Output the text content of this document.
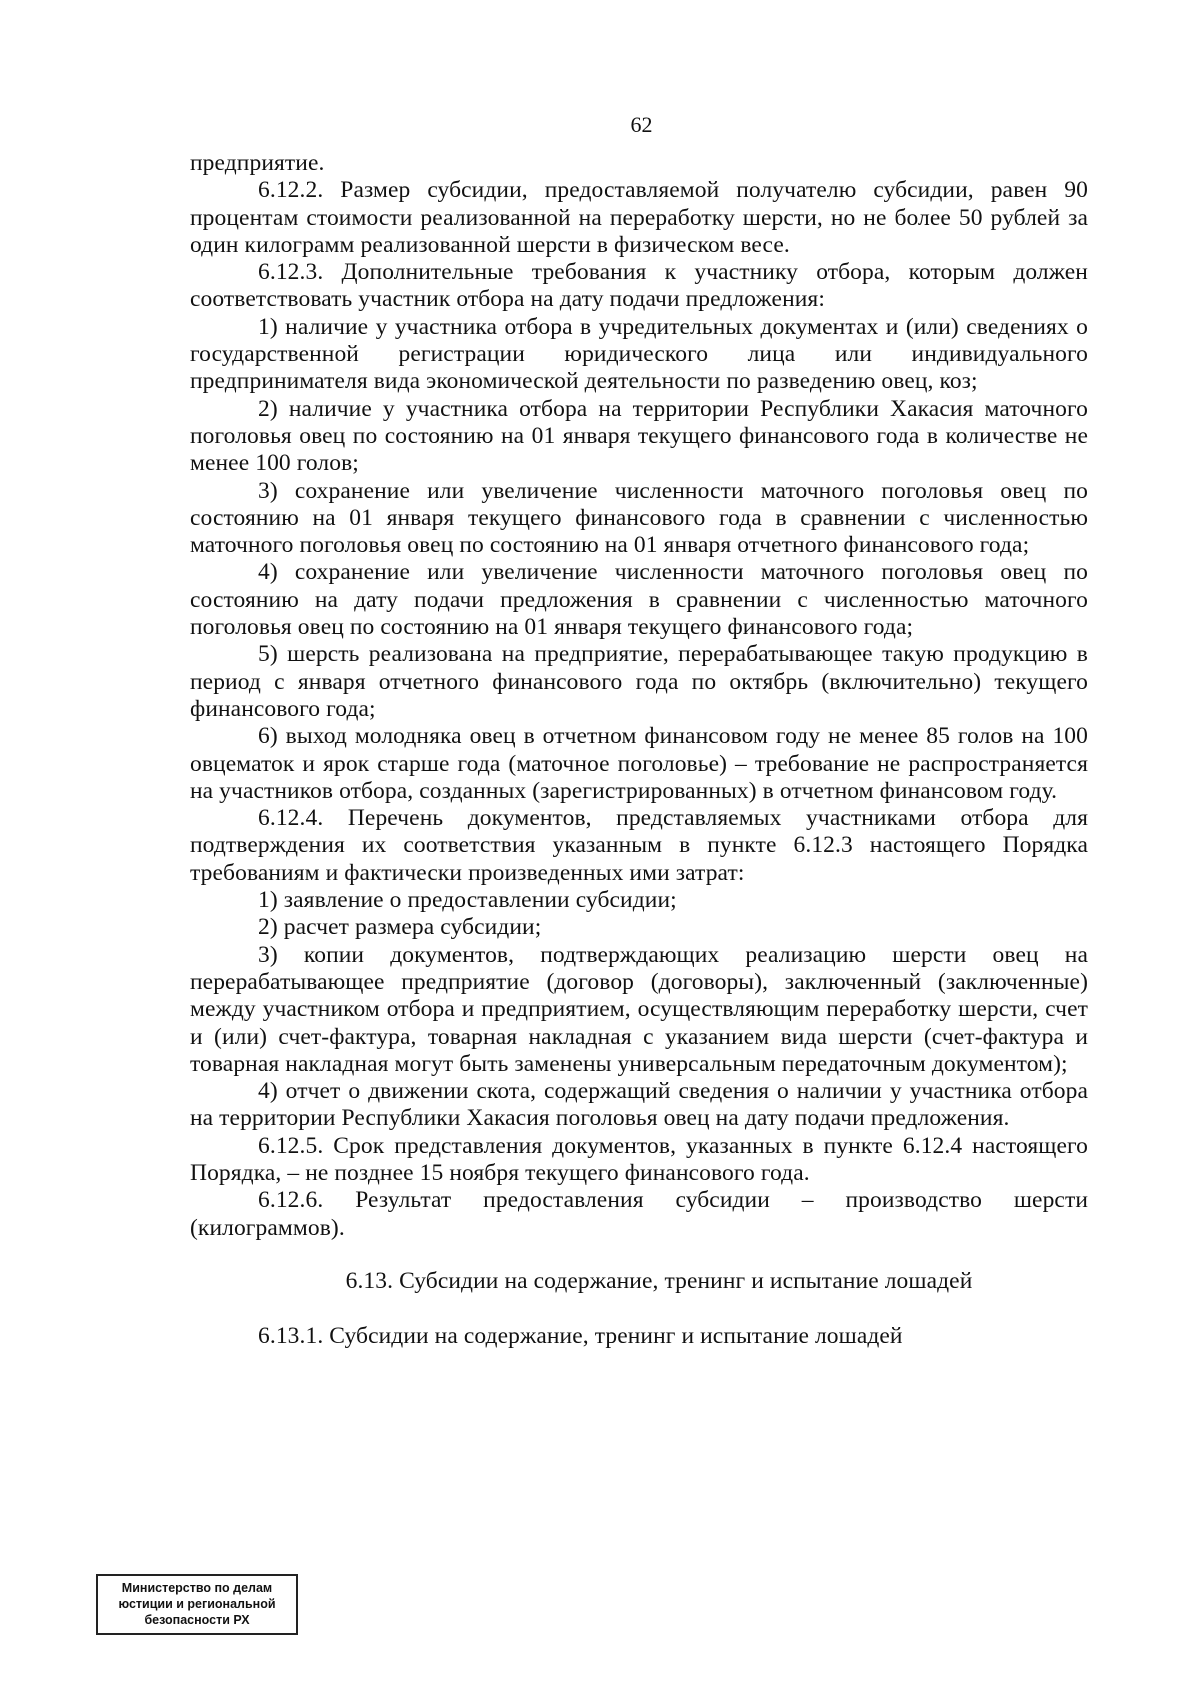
62

предприятие.

6.12.2. Размер субсидии, предоставляемой получателю субсидии, равен 90 процентам стоимости реализованной на переработку шерсти, но не более 50 рублей за один килограмм реализованной шерсти в физическом весе.

6.12.3. Дополнительные требования к участнику отбора, которым должен соответствовать участник отбора на дату подачи предложения:

1) наличие у участника отбора в учредительных документах и (или) сведениях о государственной регистрации юридического лица или индивидуального предпринимателя вида экономической деятельности по разведению овец, коз;

2) наличие у участника отбора на территории Республики Хакасия маточного поголовья овец по состоянию на 01 января текущего финансового года в количестве не менее 100 голов;

3) сохранение или увеличение численности маточного поголовья овец по состоянию на 01 января текущего финансового года в сравнении с численностью маточного поголовья овец по состоянию на 01 января отчетного финансового года;

4) сохранение или увеличение численности маточного поголовья овец по состоянию на дату подачи предложения в сравнении с численностью маточного поголовья овец по состоянию на 01 января текущего финансового года;

5) шерсть реализована на предприятие, перерабатывающее такую продукцию в период с января отчетного финансового года по октябрь (включительно) текущего финансового года;

6) выход молодняка овец в отчетном финансовом году не менее 85 голов на 100 овцематок и ярок старше года (маточное поголовье) – требование не распространяется на участников отбора, созданных (зарегистрированных) в отчетном финансовом году.

6.12.4. Перечень документов, представляемых участниками отбора для подтверждения их соответствия указанным в пункте 6.12.3 настоящего Порядка требованиям и фактически произведенных ими затрат:

1) заявление о предоставлении субсидии;

2) расчет размера субсидии;

3) копии документов, подтверждающих реализацию шерсти овец на перерабатывающее предприятие (договор (договоры), заключенный (заключенные) между участником отбора и предприятием, осуществляющим переработку шерсти, счет и (или) счет-фактура, товарная накладная с указанием вида шерсти (счет-фактура и товарная накладная могут быть заменены универсальным передаточным документом);

4) отчет о движении скота, содержащий сведения о наличии у участника отбора на территории Республики Хакасия поголовья овец на дату подачи предложения.

6.12.5. Срок представления документов, указанных в пункте 6.12.4 настоящего Порядка, – не позднее 15 ноября текущего финансового года.

6.12.6. Результат предоставления субсидии – производство шерсти (килограммов).

6.13. Субсидии на содержание, тренинг и испытание лошадей

6.13.1. Субсидии на содержание, тренинг и испытание лошадей

Министерство по делам
юстиции и региональной
безопасности РХ
